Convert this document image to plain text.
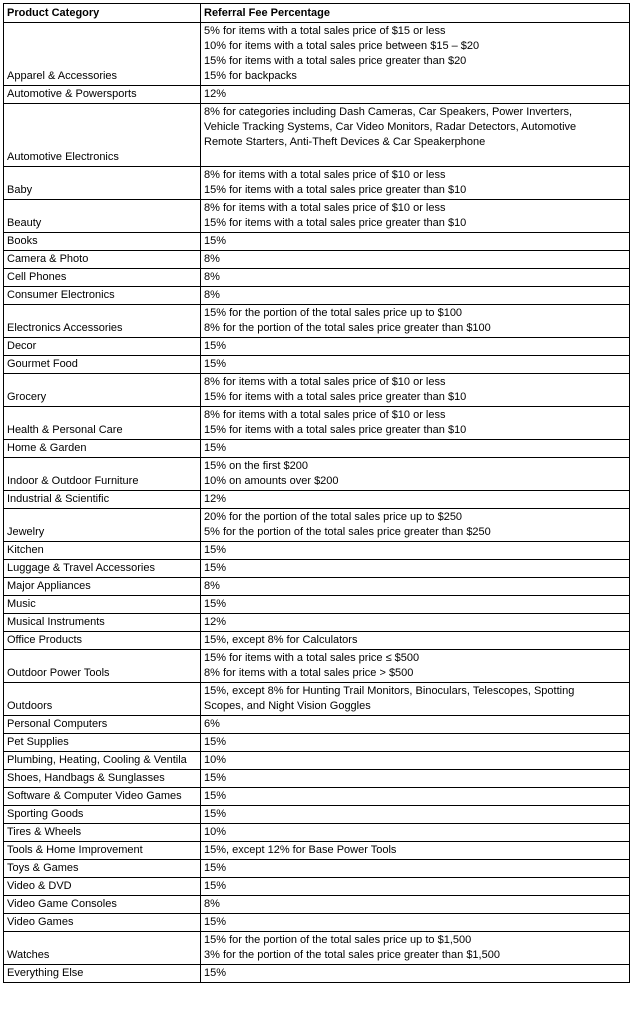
Product Category	Referral Fee Percentage
Apparel & Accessories	5% for items with a total sales price of $15 or less
10% for items with a total sales price between $15 – $20
15% for items with a total sales price greater than $20
15% for backpacks

Automotive & Powersports	12%

Automotive Electronics	8% for categories including Dash Cameras, Car Speakers, Power Inverters,
Vehicle Tracking Systems, Car Video Monitors, Radar Detectors, Automotive
Remote Starters, Anti-Theft Devices & Car Speakerphone

Baby	8% for items with a total sales price of $10 or less
15% for items with a total sales price greater than $10

Beauty	8% for items with a total sales price of $10 or less
15% for items with a total sales price greater than $10

Books	15%

Camera & Photo	8%

Cell Phones	8%

Consumer Electronics	8%

Electronics Accessories	15% for the portion of the total sales price up to $100
8% for the portion of the total sales price greater than $100

Decor	15%

Gourmet Food	15%

Grocery	8% for items with a total sales price of $10 or less
15% for items with a total sales price greater than $10

Health & Personal Care	8% for items with a total sales price of $10 or less
15% for items with a total sales price greater than $10

Home & Garden	15%

Indoor & Outdoor Furniture	15% on the first $200
10% on amounts over $200

Industrial & Scientific	12%

Jewelry	20% for the portion of the total sales price up to $250
5% for the portion of the total sales price greater than $250

Kitchen	15%

Luggage & Travel Accessories	15%

Major Appliances	8%

Music	15%

Musical Instruments	12%

Office Products	15%, except 8% for Calculators

Outdoor Power Tools	15% for items with a total sales price ≤ $500
8% for items with a total sales price > $500

Outdoors	15%, except 8% for Hunting Trail Monitors, Binoculars, Telescopes, Spotting
Scopes, and Night Vision Goggles

Personal Computers	6%

Pet Supplies	15%

Plumbing, Heating, Cooling & Ventila	10%

Shoes, Handbags & Sunglasses	15%

Software & Computer Video Games	15%

Sporting Goods	15%

Tires & Wheels	10%

Tools & Home Improvement	15%, except 12% for Base Power Tools

Toys & Games	15%

Video & DVD	15%

Video Game Consoles	8%

Video Games	15%

Watches	15% for the portion of the total sales price up to $1,500
3% for the portion of the total sales price greater than $1,500

Everything Else	15%
